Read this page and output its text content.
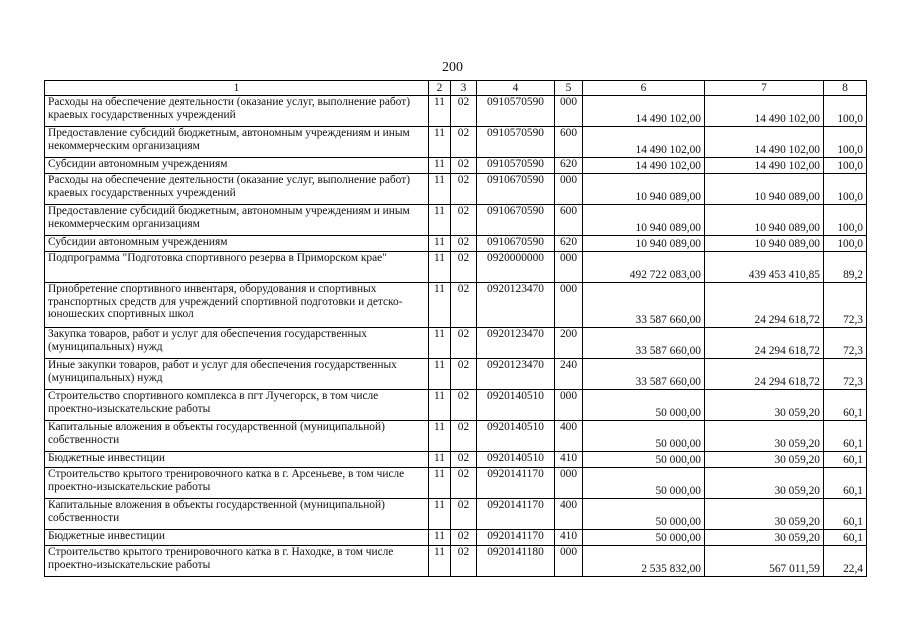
200
1	2	3	4	5	6	7	8
Расходы на обеспечение деятельности (оказание услуг, выполнение работ) краевых государственных учреждений	11	02	0910570590	000	14 490 102,00	14 490 102,00	100,0
Предоставление субсидий бюджетным, автономным учреждениям и иным некоммерческим организациям	11	02	0910570590	600	14 490 102,00	14 490 102,00	100,0
Субсидии автономным учреждениям	11	02	0910570590	620	14 490 102,00	14 490 102,00	100,0
Расходы на обеспечение деятельности (оказание услуг, выполнение работ) краевых государственных учреждений	11	02	0910670590	000	10 940 089,00	10 940 089,00	100,0
Предоставление субсидий бюджетным, автономным учреждениям и иным некоммерческим организациям	11	02	0910670590	600	10 940 089,00	10 940 089,00	100,0
Субсидии автономным учреждениям	11	02	0910670590	620	10 940 089,00	10 940 089,00	100,0
Подпрограмма "Подготовка спортивного резерва в Приморском крае"	11	02	0920000000	000	492 722 083,00	439 453 410,85	89,2
Приобретение спортивного инвентаря, оборудования и спортивных транспортных средств для учреждений спортивной подготовки и детско-юношеских спортивных школ	11	02	0920123470	000	33 587 660,00	24 294 618,72	72,3
Закупка товаров, работ и услуг для обеспечения государственных (муниципальных) нужд	11	02	0920123470	200	33 587 660,00	24 294 618,72	72,3
Иные закупки товаров, работ и услуг для обеспечения государственных (муниципальных) нужд	11	02	0920123470	240	33 587 660,00	24 294 618,72	72,3
Строительство спортивного комплекса в пгт Лучегорск, в том числе проектно-изыскательские работы	11	02	0920140510	000	50 000,00	30 059,20	60,1
Капитальные вложения в объекты государственной (муниципальной) собственности	11	02	0920140510	400	50 000,00	30 059,20	60,1
Бюджетные инвестиции	11	02	0920140510	410	50 000,00	30 059,20	60,1
Строительство крытого тренировочного катка в г. Арсеньеве, в том числе проектно-изыскательские работы	11	02	0920141170	000	50 000,00	30 059,20	60,1
Капитальные вложения в объекты государственной (муниципальной) собственности	11	02	0920141170	400	50 000,00	30 059,20	60,1
Бюджетные инвестиции	11	02	0920141170	410	50 000,00	30 059,20	60,1
Строительство крытого тренировочного катка в г. Находке, в том числе проектно-изыскательские работы	11	02	0920141180	000	2 535 832,00	567 011,59	22,4
